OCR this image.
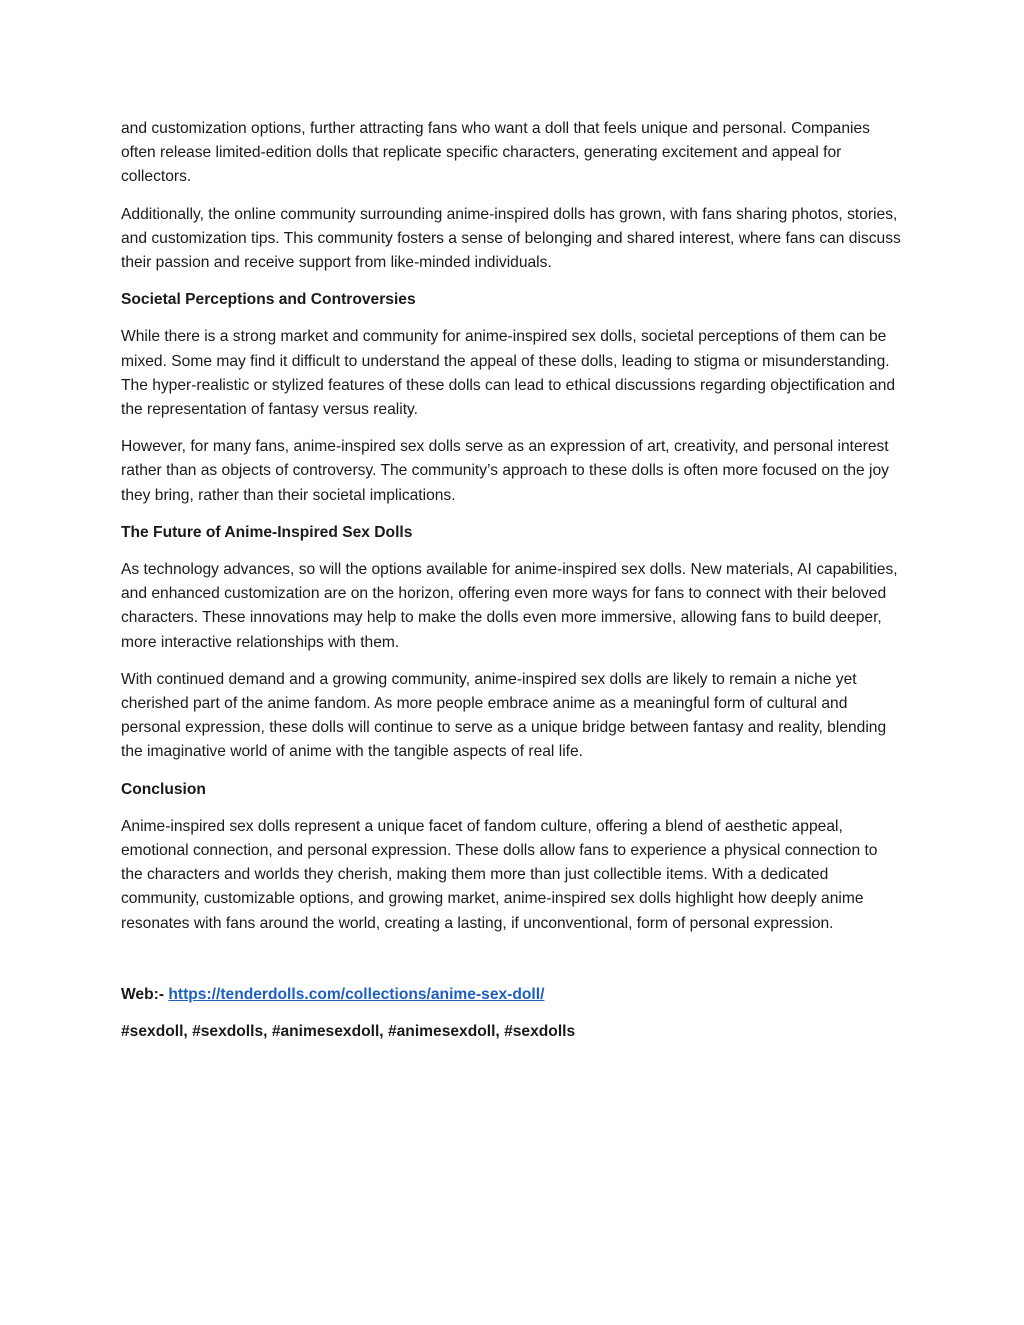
and customization options, further attracting fans who want a doll that feels unique and personal. Companies often release limited-edition dolls that replicate specific characters, generating excitement and appeal for collectors.

Additionally, the online community surrounding anime-inspired dolls has grown, with fans sharing photos, stories, and customization tips. This community fosters a sense of belonging and shared interest, where fans can discuss their passion and receive support from like-minded individuals.

Societal Perceptions and Controversies

While there is a strong market and community for anime-inspired sex dolls, societal perceptions of them can be mixed. Some may find it difficult to understand the appeal of these dolls, leading to stigma or misunderstanding. The hyper-realistic or stylized features of these dolls can lead to ethical discussions regarding objectification and the representation of fantasy versus reality.

However, for many fans, anime-inspired sex dolls serve as an expression of art, creativity, and personal interest rather than as objects of controversy. The community’s approach to these dolls is often more focused on the joy they bring, rather than their societal implications.

The Future of Anime-Inspired Sex Dolls

As technology advances, so will the options available for anime-inspired sex dolls. New materials, AI capabilities, and enhanced customization are on the horizon, offering even more ways for fans to connect with their beloved characters. These innovations may help to make the dolls even more immersive, allowing fans to build deeper, more interactive relationships with them.

With continued demand and a growing community, anime-inspired sex dolls are likely to remain a niche yet cherished part of the anime fandom. As more people embrace anime as a meaningful form of cultural and personal expression, these dolls will continue to serve as a unique bridge between fantasy and reality, blending the imaginative world of anime with the tangible aspects of real life.

Conclusion

Anime-inspired sex dolls represent a unique facet of fandom culture, offering a blend of aesthetic appeal, emotional connection, and personal expression. These dolls allow fans to experience a physical connection to the characters and worlds they cherish, making them more than just collectible items. With a dedicated community, customizable options, and growing market, anime-inspired sex dolls highlight how deeply anime resonates with fans around the world, creating a lasting, if unconventional, form of personal expression.

Web:- https://tenderdolls.com/collections/anime-sex-doll/

#sexdoll, #sexdolls, #animesexdoll, #animesexdoll, #sexdolls
